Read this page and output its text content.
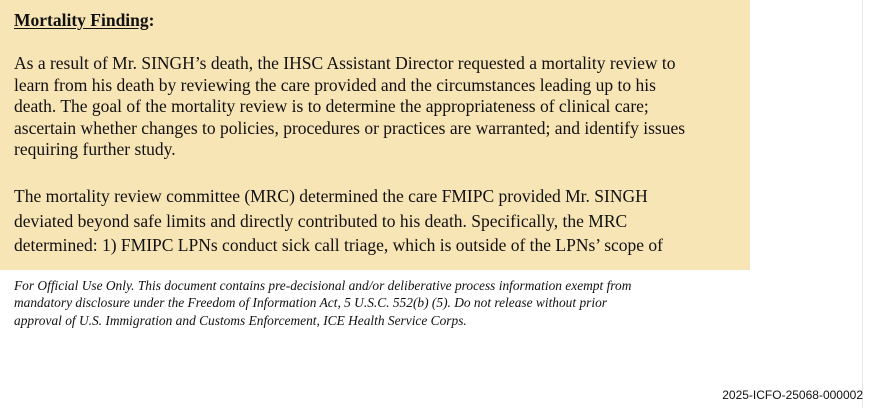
Mortality Finding:

As a result of Mr. SINGH’s death, the IHSC Assistant Director requested a mortality review to
learn from his death by reviewing the care provided and the circumstances leading up to his
death. The goal of the mortality review is to determine the appropriateness of clinical care;
ascertain whether changes to policies, procedures or practices are warranted; and identify issues
requiring further study.

The mortality review committee (MRC) determined the care FMIPC provided Mr. SINGH
deviated beyond safe limits and directly contributed to his death. Specifically, the MRC
determined: 1) FMIPC LPNs conduct sick call triage, which is outside of the LPNs’ scope of

For Official Use Only. This document contains pre-decisional and/or deliberative process information exempt from
mandatory disclosure under the Freedom of Information Act, 5 U.S.C. 552(b) (5). Do not release without prior
approval of U.S. Immigration and Customs Enforcement, ICE Health Service Corps.
2025-ICFO-25068-000002
